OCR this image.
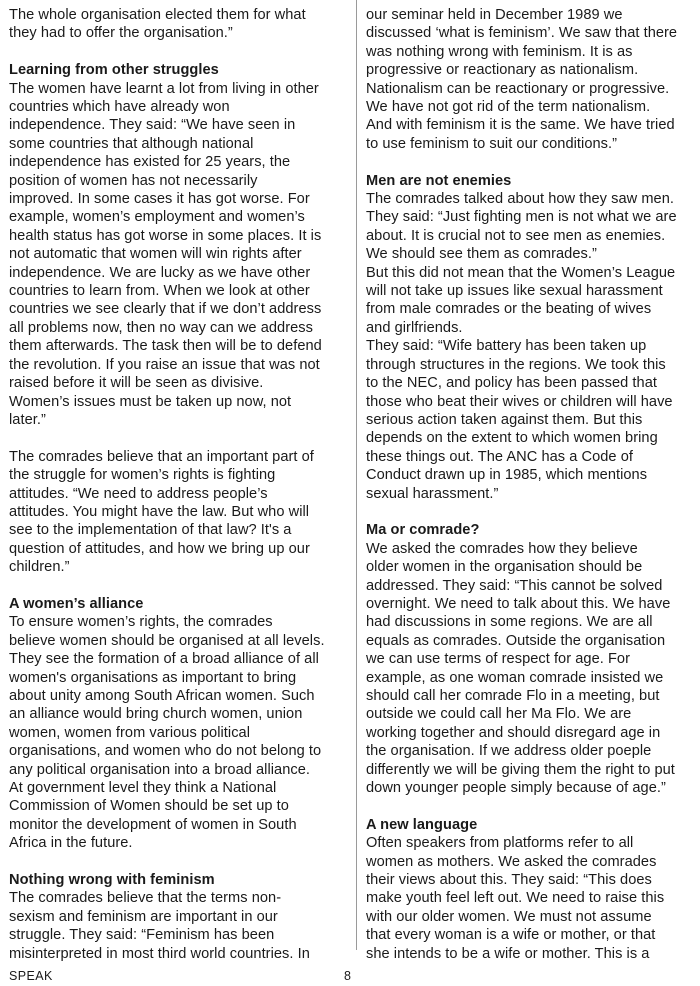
The whole organisation elected them for what
they had to offer the organisation.”
Learning from other struggles
The women have learnt a lot from living in other
countries which have already won
independence. They said: “We have seen in
some countries that although national
independence has existed for 25 years, the
position of women has not necessarily
improved. In some cases it has got worse. For
example, women’s employment and women’s
health status has got worse in some places. It is
not automatic that women will win rights after
independence. We are lucky as we have other
countries to learn from. When we look at other
countries we see clearly that if we don’t address
all problems now, then no way can we address
them afterwards. The task then will be to defend
the revolution. If you raise an issue that was not
raised before it will be seen as divisive.
Women’s issues must be taken up now, not
later.”
The comrades believe that an important part of
the struggle for women’s rights is fighting
attitudes. “We need to address people’s
attitudes. You might have the law. But who will
see to the implementation of that law? It's a
question of attitudes, and how we bring up our
children.”
A women’s alliance
To ensure women’s rights, the comrades
believe women should be organised at all levels.
They see the formation of a broad alliance of all
women's organisations as important to bring
about unity among South African women. Such
an alliance would bring church women, union
women, women from various political
organisations, and women who do not belong to
any political organisation into a broad alliance.
At government level they think a National
Commission of Women should be set up to
monitor the development of women in South
Africa in the future.
Nothing wrong with feminism
The comrades believe that the terms non-
sexism and feminism are important in our
struggle. They said: “Feminism has been
misinterpreted in most third world countries. In
our seminar held in December 1989 we
discussed ‘what is feminism’. We saw that there
was nothing wrong with feminism. It is as
progressive or reactionary as nationalism.
Nationalism can be reactionary or progressive.
We have not got rid of the term nationalism.
And with feminism it is the same. We have tried
to use feminism to suit our conditions.”
Men are not enemies
The comrades talked about how they saw men.
They said: “Just fighting men is not what we are
about. It is crucial not to see men as enemies.
We should see them as comrades.”
But this did not mean that the Women’s League
will not take up issues like sexual harassment
from male comrades or the beating of wives
and girlfriends.
They said: “Wife battery has been taken up
through structures in the regions. We took this
to the NEC, and policy has been passed that
those who beat their wives or children will have
serious action taken against them. But this
depends on the extent to which women bring
these things out. The ANC has a Code of
Conduct drawn up in 1985, which mentions
sexual harassment.”
Ma or comrade?
We asked the comrades how they believe
older women in the organisation should be
addressed. They said: “This cannot be solved
overnight. We need to talk about this. We have
had discussions in some regions. We are all
equals as comrades. Outside the organisation
we can use terms of respect for age. For
example, as one woman comrade insisted we
should call her comrade Flo in a meeting, but
outside we could call her Ma Flo. We are
working together and should disregard age in
the organisation. If we address older poeple
differently we will be giving them the right to put
down younger people simply because of age.”
A new language
Often speakers from platforms refer to all
women as mothers. We asked the comrades
their views about this. They said: “This does
make youth feel left out. We need to raise this
with our older women. We must not assume
that every woman is a wife or mother, or that
she intends to be a wife or mother. This is a
SPEAK	8
